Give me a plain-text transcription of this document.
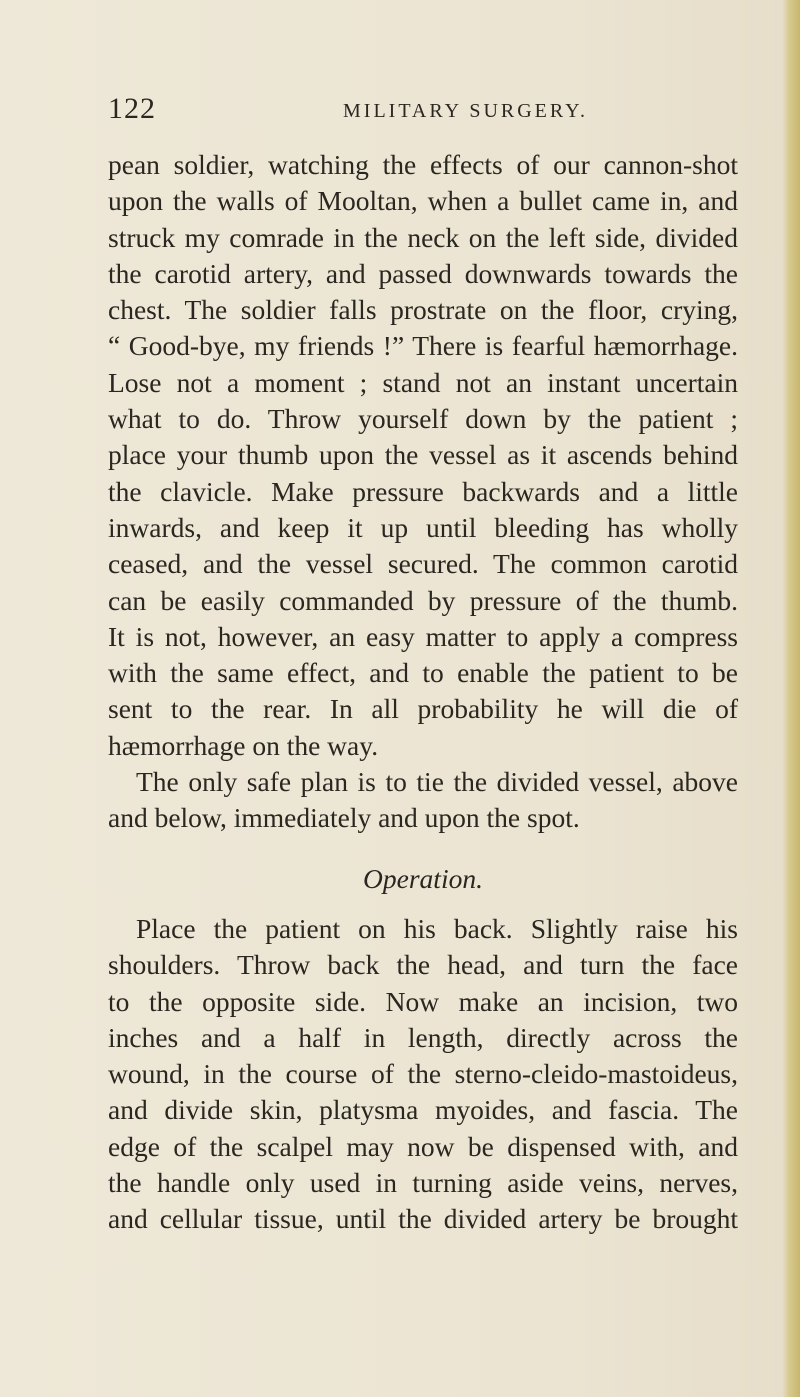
122	MILITARY SURGERY.
pean soldier, watching the effects of our cannon-shot
upon the walls of Mooltan, when a bullet came in, and
struck my comrade in the neck on the left side, divided
the carotid artery, and passed downwards towards the
chest. The soldier falls prostrate on the floor, crying,
“ Good-bye, my friends !” There is fearful hæmorrhage.
Lose not a moment ; stand not an instant uncertain
what to do. Throw yourself down by the patient ;
place your thumb upon the vessel as it ascends behind
the clavicle. Make pressure backwards and a little
inwards, and keep it up until bleeding has wholly
ceased, and the vessel secured. The common carotid
can be easily commanded by pressure of the thumb.
It is not, however, an easy matter to apply a compress
with the same effect, and to enable the patient to be
sent to the rear. In all probability he will die of
hæmorrhage on the way.
The only safe plan is to tie the divided vessel, above
and below, immediately and upon the spot.
Operation.
Place the patient on his back. Slightly raise his
shoulders. Throw back the head, and turn the face
to the opposite side. Now make an incision, two
inches and a half in length, directly across the
wound, in the course of the sterno-cleido-mastoideus,
and divide skin, platysma myoides, and fascia. The
edge of the scalpel may now be dispensed with, and
the handle only used in turning aside veins, nerves,
and cellular tissue, until the divided artery be brought
